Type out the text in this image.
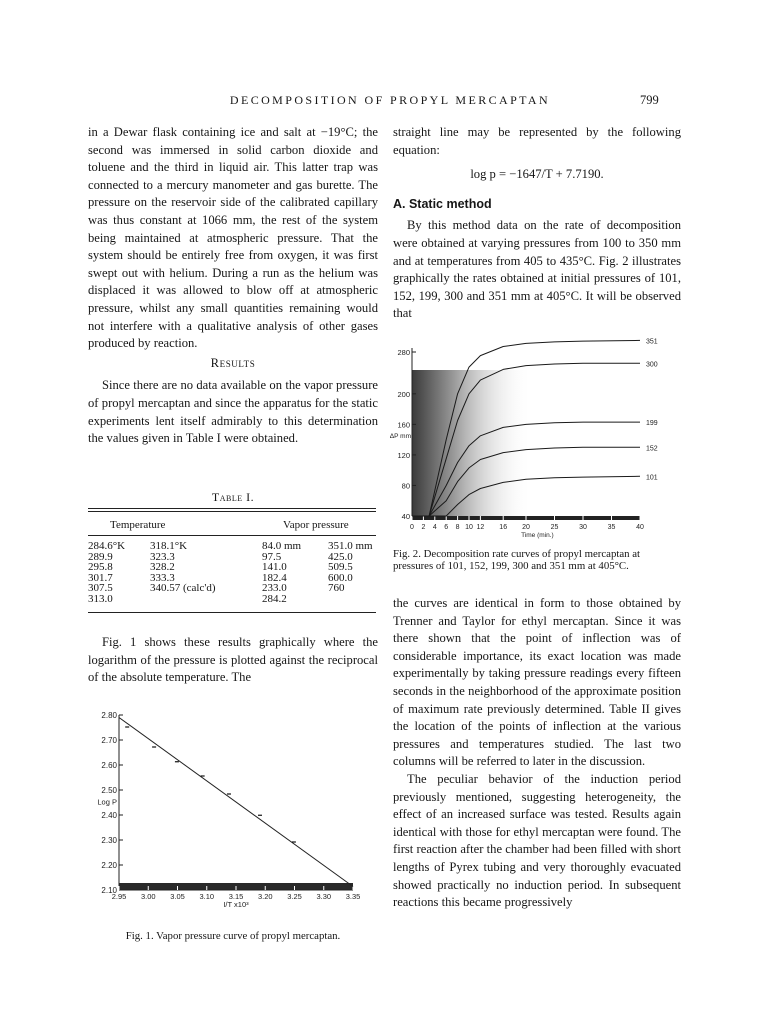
DECOMPOSITION OF PROPYL MERCAPTAN	799

in a Dewar flask containing ice and salt at −19°C; the second was immersed in solid carbon dioxide and toluene and the third in liquid air. This latter trap was connected to a mercury manometer and gas burette. The pressure on the reservoir side of the calibrated capillary was thus constant at 1066 mm, the rest of the system being maintained at atmospheric pressure. That the system should be entirely free from oxygen, it was first swept out with helium. During a run as the helium was displaced it was allowed to blow off at atmospheric pressure, whilst any small quantities remaining would not interfere with a qualitative analysis of other gases produced by reaction.

Results

Since there are no data available on the vapor pressure of propyl mercaptan and since the apparatus for the static experiments lent itself admirably to this determination the values given in Table I were obtained.

Table I.
Temperature	Vapor pressure
284.6°K	318.1°K	84.0 mm	351.0 mm
289.9	323.3	97.5	425.0
295.8	328.2	141.0	509.5
301.7	333.3	182.4	600.0
307.5	340.57 (calc'd)	233.0	760
313.0		284.2	

Fig. 1 shows these results graphically where the logarithm of the pressure is plotted against the reciprocal of the absolute temperature. The

2.80
2.70
2.60
2.50
2.40
2.30
2.20
2.10
2.95 3.00 3.05 3.10 3.15 3.20 3.25 3.30 3.35
Log P
I/T x10³
Fig. 1. Vapor pressure curve of propyl mercaptan.

straight line may be represented by the following equation:

log p = −1647/T + 7.7190.

A. Static method

By this method data on the rate of decomposition were obtained at varying pressures from 100 to 350 mm and at temperatures from 405 to 435°C. Fig. 2 illustrates graphically the rates obtained at initial pressures of 101, 152, 199, 300 and 351 mm at 405°C. It will be observed that

280
200
160
120
80
40
ΔP mm
0 2 4 6 8 10 12 16 20	25	30	35	40
Time (min.)
351
300
199
152
101
Fig. 2. Decomposition rate curves of propyl mercaptan at pressures of 101, 152, 199, 300 and 351 mm at 405°C.

the curves are identical in form to those obtained by Trenner and Taylor for ethyl mercaptan. Since it was there shown that the point of inflection was of considerable importance, its exact location was made experimentally by taking pressure readings every fifteen seconds in the neighborhood of the approximate position of maximum rate previously determined. Table II gives the location of the points of inflection at the various pressures and temperatures studied. The last two columns will be referred to later in the discussion.

The peculiar behavior of the induction period previously mentioned, suggesting heterogeneity, the effect of an increased surface was tested. Results again identical with those for ethyl mercaptan were found. The first reaction after the chamber had been filled with short lengths of Pyrex tubing and very thoroughly evacuated showed practically no induction period. In subsequent reactions this became progressively
